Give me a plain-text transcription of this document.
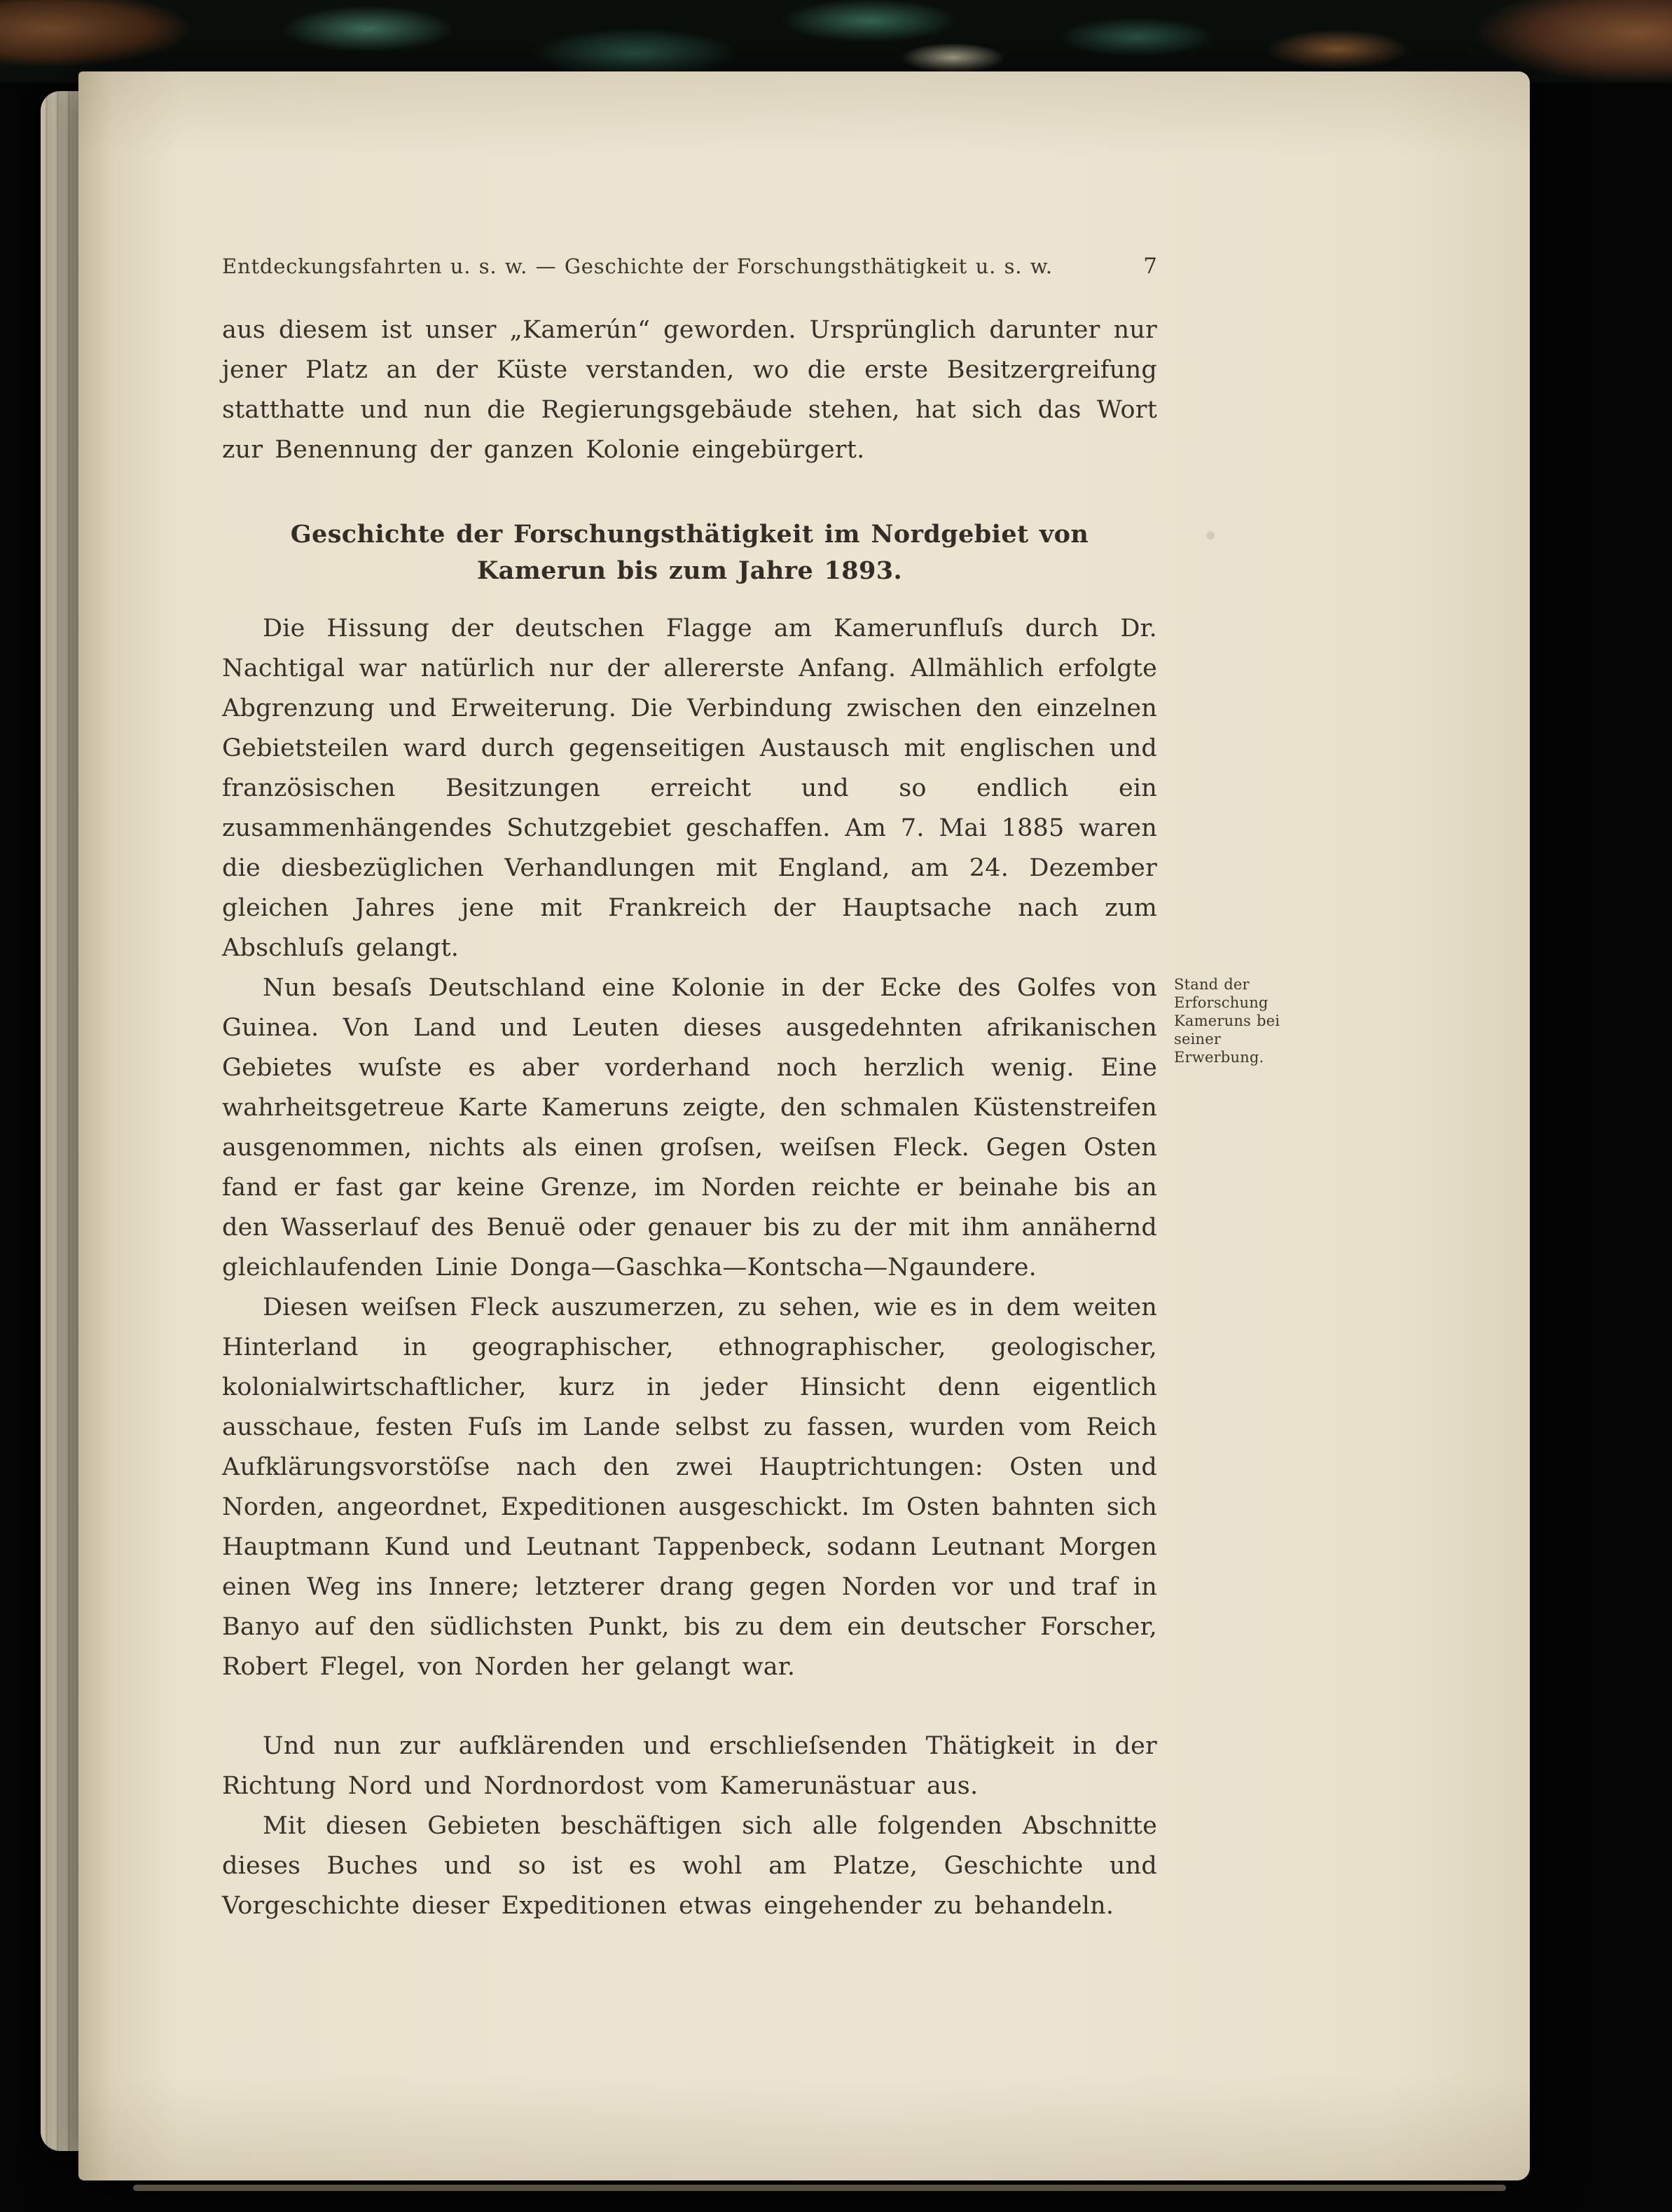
Entdeckungsfahrten u. s. w. — Geschichte der Forschungsthätigkeit u. s. w.	7

aus diesem ist unser „Kamerún“ geworden. Ursprünglich darunter nur jener Platz an der Küste verstanden, wo die erste Besitzergreifung statthatte und nun die Regierungsgebäude stehen, hat sich das Wort zur Benennung der ganzen Kolonie eingebürgert.

Geschichte der Forschungsthätigkeit im Nordgebiet von
Kamerun bis zum Jahre 1893.

Die Hissung der deutschen Flagge am Kamerunfluſs durch Dr. Nachtigal war natürlich nur der allererste Anfang. Allmählich erfolgte Abgrenzung und Erweiterung. Die Verbindung zwischen den einzelnen Gebietsteilen ward durch gegenseitigen Austausch mit englischen und französischen Besitzungen erreicht und so endlich ein zusammenhängendes Schutzgebiet geschaffen. Am 7. Mai 1885 waren die diesbezüglichen Verhandlungen mit England, am 24. Dezember gleichen Jahres jene mit Frankreich der Hauptsache nach zum Abschluſs gelangt.

Nun besaſs Deutschland eine Kolonie in der Ecke des Golfes von Guinea. Von Land und Leuten dieses ausgedehnten afrikanischen Gebietes wuſste es aber vorderhand noch herzlich wenig. Eine wahrheitsgetreue Karte Kameruns zeigte, den schmalen Küstenstreifen ausgenommen, nichts als einen groſsen, weiſsen Fleck. Gegen Osten fand er fast gar keine Grenze, im Norden reichte er beinahe bis an den Wasserlauf des Benuë oder genauer bis zu der mit ihm annähernd gleichlaufenden Linie Donga—Gaschka—Kontscha—Ngaundere.

Stand der Erforschung Kameruns bei seiner Erwerbung.

Diesen weiſsen Fleck auszumerzen, zu sehen, wie es in dem weiten Hinterland in geographischer, ethnographischer, geologischer, kolonialwirtschaftlicher, kurz in jeder Hinsicht denn eigentlich ausschaue, festen Fuſs im Lande selbst zu fassen, wurden vom Reich Aufklärungsvorstöſse nach den zwei Hauptrichtungen: Osten und Norden, angeordnet, Expeditionen ausgeschickt. Im Osten bahnten sich Hauptmann Kund und Leutnant Tappenbeck, sodann Leutnant Morgen einen Weg ins Innere; letzterer drang gegen Norden vor und traf in Banyo auf den südlichsten Punkt, bis zu dem ein deutscher Forscher, Robert Flegel, von Norden her gelangt war.

Und nun zur aufklärenden und erschlieſsenden Thätigkeit in der Richtung Nord und Nordnordost vom Kamerunästuar aus.

Mit diesen Gebieten beschäftigen sich alle folgenden Abschnitte dieses Buches und so ist es wohl am Platze, Geschichte und Vorgeschichte dieser Expeditionen etwas eingehender zu behandeln.
